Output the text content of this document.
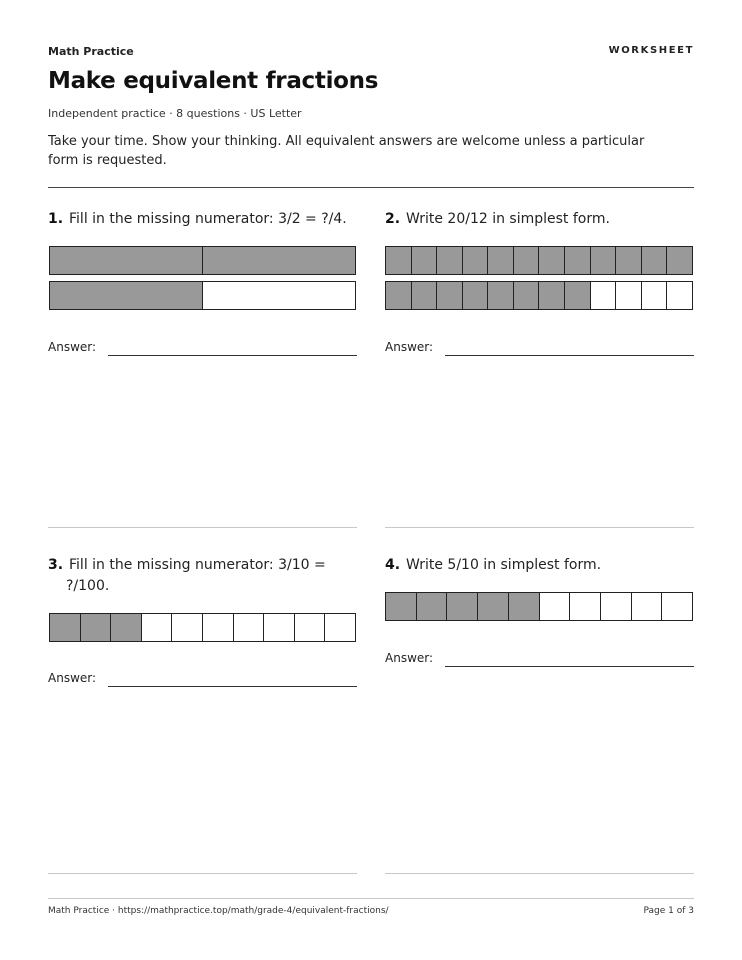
Math Practice	WORKSHEET
Make equivalent fractions
Independent practice · 8 questions · US Letter

Take your time. Show your thinking. All equivalent answers are welcome unless a particular form is requested.

1. Fill in the missing numerator: 3/2 = ?/4.
Answer:
2. Write 20/12 in simplest form.
Answer:
3. Fill in the missing numerator: 3/10 = ?/100.
Answer:
4. Write 5/10 in simplest form.
Answer:
Math Practice · https://mathpractice.top/math/grade-4/equivalent-fractions/	Page 1 of 3
